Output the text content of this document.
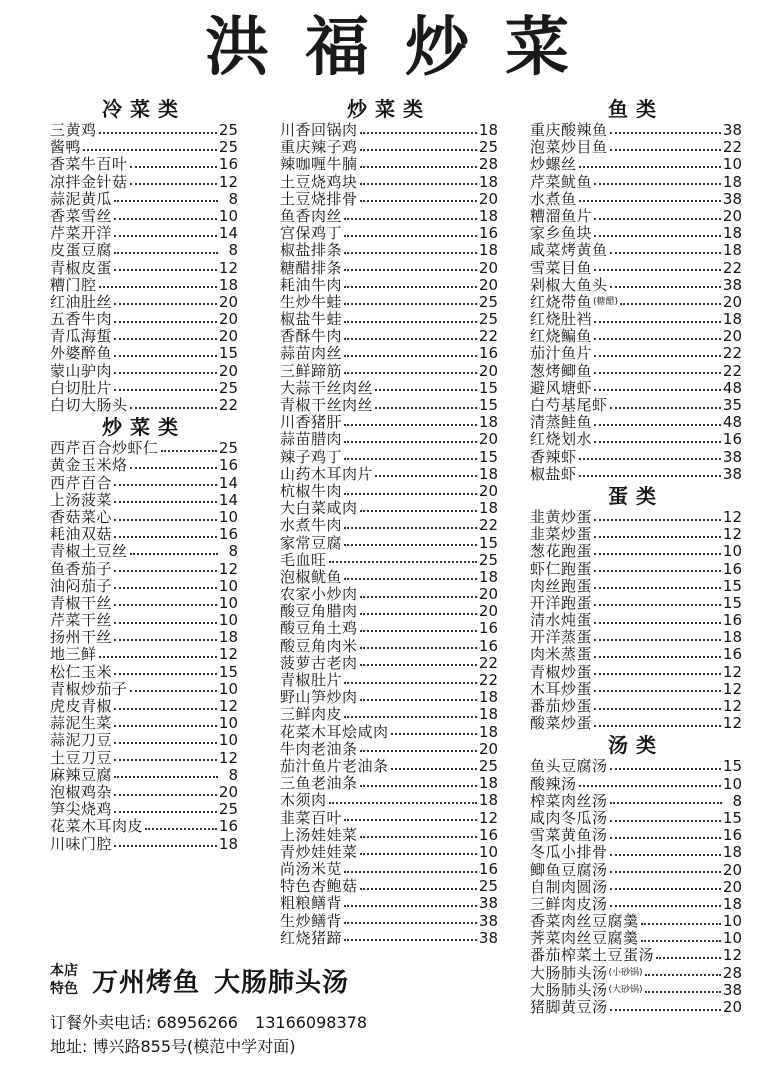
洪 福 炒 菜
冷菜类
三黄鸡	25
酱鸭	25
香菜牛百叶	16
凉拌金针菇	12
蒜泥黄瓜	8
香菜雪丝	10
芹菜开洋	14
皮蛋豆腐	8
青椒皮蛋	12
糟门腔	18
红油肚丝	20
五香牛肉	20
青瓜海蜇	20
外婆醉鱼	15
蒙山驴肉	20
白切肚片	25
白切大肠头	22
炒菜类
西芹百合炒虾仁	25
黄金玉米烙	16
西芹百合	14
上汤菠菜	14
香菇菜心	10
耗油双菇	16
青椒土豆丝	8
鱼香茄子	12
油闷茄子	10
青椒干丝	10
芹菜干丝	10
扬州干丝	18
地三鲜	12
松仁玉米	15
青椒炒茄子	10
虎皮青椒	12
蒜泥生菜	10
蒜泥刀豆	10
土豆刀豆	12
麻辣豆腐	8
泡椒鸡杂	20
笋尖烧鸡	25
花菜木耳肉皮	16
川味门腔	18
炒菜类
川香回锅肉	18
重庆辣子鸡	25
辣咖喱牛腩	28
土豆烧鸡块	18
土豆烧排骨	20
鱼香肉丝	18
宫保鸡丁	16
椒盐排条	18
糖醋排条	20
耗油牛肉	20
生炒牛蛙	25
椒盐牛蛙	25
香酥牛肉	22
蒜苗肉丝	16
三鲜蹄筋	20
大蒜干丝肉丝	15
青椒干丝肉丝	15
川香猪肝	18
蒜苗腊肉	20
辣子鸡丁	15
山药木耳肉片	18
杭椒牛肉	20
大白菜咸肉	18
水煮牛肉	22
家常豆腐	15
毛血旺	25
泡椒鱿鱼	18
农家小炒肉	20
酸豆角腊肉	20
酸豆角土鸡	16
酸豆角肉米	16
菠萝古老肉	22
青椒肚片	22
野山笋炒肉	18
三鲜肉皮	18
花菜木耳烩咸肉	18
牛肉老油条	20
茄汁鱼片老油条	25
三鱼老油条	18
木须肉	18
韭菜百叶	12
上汤娃娃菜	16
青炒娃娃菜	10
尚汤米苋	16
特色杏鲍菇	25
粗粮鳝背	38
生炒鳝背	38
红烧猪蹄	38
鱼类
重庆酸辣鱼	38
泡菜炒目鱼	22
炒螺丝	10
芹菜鱿鱼	18
水煮鱼	38
糟溜鱼片	20
家乡鱼块	18
咸菜烤黄鱼	18
雪菜目鱼	22
剁椒大鱼头	38
红烧带鱼 (糖醋)	20
红烧肚裆	18
红烧鳊鱼	20
茄汁鱼片	22
葱烤鲫鱼	22
避风塘虾	48
白芍基尾虾	35
清蒸鲑鱼	48
红烧划水	16
香辣虾	38
椒盐虾	38
蛋类
韭黄炒蛋	12
韭菜炒蛋	12
葱花跑蛋	10
虾仁跑蛋	16
肉丝跑蛋	15
开洋跑蛋	15
清水炖蛋	16
开洋蒸蛋	18
肉米蒸蛋	16
青椒炒蛋	12
木耳炒蛋	12
番茄炒蛋	12
酸菜炒蛋	12
汤类
鱼头豆腐汤	15
酸辣汤	10
榨菜肉丝汤	8
咸肉冬瓜汤	15
雪菜黄鱼汤	16
冬瓜小排骨	18
鲫鱼豆腐汤	20
自制肉圆汤	20
三鲜肉皮汤	18
香菜肉丝豆腐羹	10
荠菜肉丝豆腐羹	10
番茄榨菜土豆蛋汤	12
大肠肺头汤 (小砂锅)	28
大肠肺头汤 (大砂锅)	38
猪脚黄豆汤	20
本店
特色 万州烤鱼 大肠肺头汤
订餐外卖电话: 68956266 13166098378
地址: 博兴路855号(模范中学对面)
